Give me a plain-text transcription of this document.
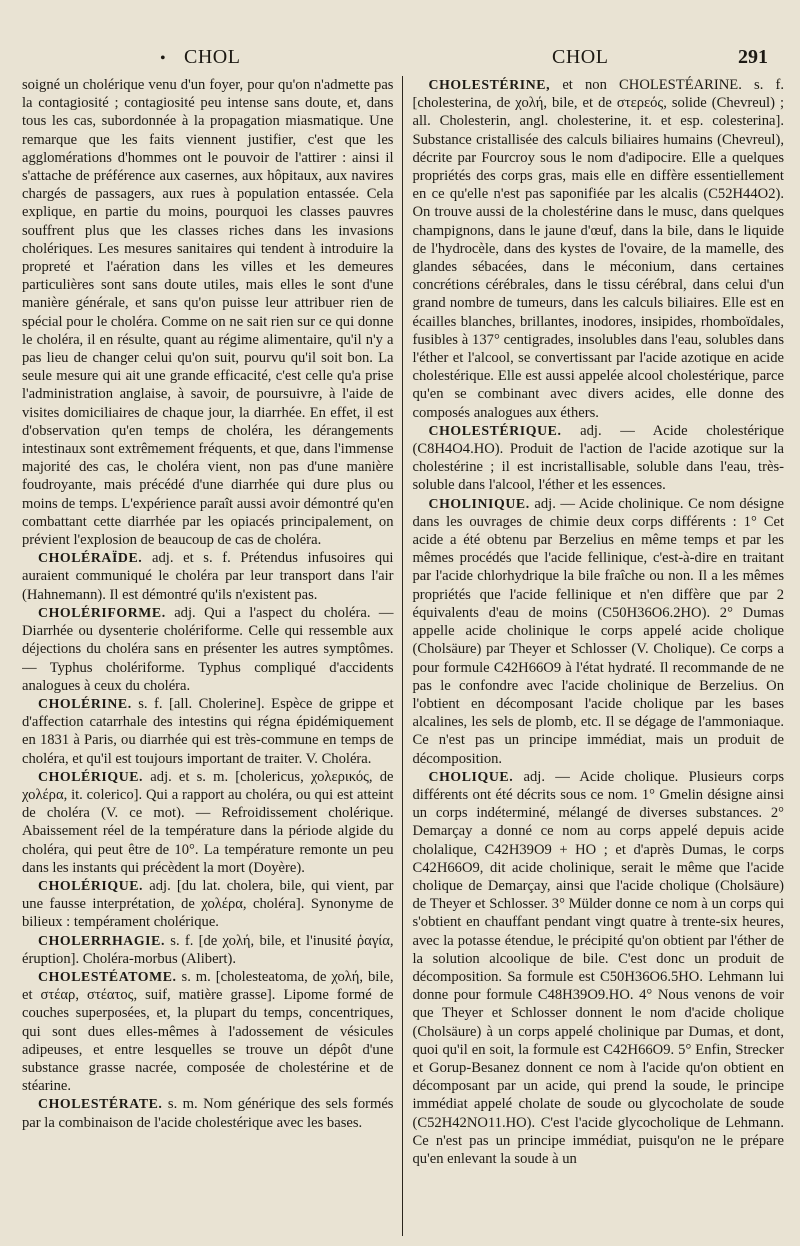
• CHOL	CHOL	291

soigné un cholérique venu d'un foyer, pour qu'on n'admette pas la contagiosité ; contagiosité peu intense sans doute, et, dans tous les cas, subordonnée à la propagation miasmatique. Une remarque que les faits viennent justifier, c'est que les agglomérations d'hommes ont le pouvoir de l'attirer : ainsi il s'attache de préférence aux casernes, aux hôpitaux, aux navires chargés de passagers, aux rues à population entassée. Cela explique, en partie du moins, pourquoi les classes pauvres souffrent plus que les classes riches dans les invasions cholériques. Les mesures sanitaires qui tendent à introduire la propreté et l'aération dans les villes et les demeures particulières sont sans doute utiles, mais elles le sont d'une manière générale, et sans qu'on puisse leur attribuer rien de spécial pour le choléra. Comme on ne sait rien sur ce qui donne le choléra, il en résulte, quant au régime alimentaire, qu'il n'y a pas lieu de changer celui qu'on suit, pourvu qu'il soit bon. La seule mesure qui ait une grande efficacité, c'est celle qu'a prise l'administration anglaise, à savoir, de poursuivre, à l'aide de visites domiciliaires de chaque jour, la diarrhée. En effet, il est d'observation qu'en temps de choléra, les dérangements intestinaux sont extrêmement fréquents, et que, dans l'immense majorité des cas, le choléra vient, non pas d'une manière foudroyante, mais précédé d'une diarrhée qui dure plus ou moins de temps. L'expérience paraît aussi avoir démontré qu'en combattant cette diarrhée par les opiacés principalement, on prévient l'explosion de beaucoup de cas de choléra.

CHOLÉRAÏDE. adj. et s. f. Prétendus infusoires qui auraient communiqué le choléra par leur transport dans l'air (Hahnemann). Il est démontré qu'ils n'existent pas.

CHOLÉRIFORME. adj. Qui a l'aspect du choléra. — Diarrhée ou dysenterie cholériforme. Celle qui ressemble aux déjections du choléra sans en présenter les autres symptômes. — Typhus cholériforme. Typhus compliqué d'accidents analogues à ceux du choléra.

CHOLÉRINE. s. f. [all. Cholerine]. Espèce de grippe et d'affection catarrhale des intestins qui régna épidémiquement en 1831 à Paris, ou diarrhée qui est très-commune en temps de choléra, et qu'il est toujours important de traiter. V. Choléra.

CHOLÉRIQUE. adj. et s. m. [cholericus, χολερικός, de χολέρα, it. colerico]. Qui a rapport au choléra, ou qui est atteint de choléra (V. ce mot). — Refroidissement cholérique. Abaissement réel de la température dans la période algide du choléra, qui peut être de 10°. La température remonte un peu dans les instants qui précèdent la mort (Doyère).

CHOLÉRIQUE. adj. [du lat. cholera, bile, qui vient, par une fausse interprétation, de χολέρα, choléra]. Synonyme de bilieux : tempérament cholérique.

CHOLERRHAGIE. s. f. [de χολή, bile, et l'inusité ῥαγία, éruption]. Choléra-morbus (Alibert).

CHOLESTÉATOME. s. m. [cholesteatoma, de χολή, bile, et στέαρ, στέατος, suif, matière grasse]. Lipome formé de couches superposées, et, la plupart du temps, concentriques, qui sont dues elles-mêmes à l'adossement de vésicules adipeuses, et entre lesquelles se trouve un dépôt d'une substance grasse nacrée, composée de cholestérine et de stéarine.

CHOLESTÉRATE. s. m. Nom générique des sels formés par la combinaison de l'acide cholestérique avec les bases.

CHOLESTÉRINE, et non CHOLESTÉARINE. s. f. [cholesterina, de χολή, bile, et de στερεός, solide (Chevreul) ; all. Cholesterin, angl. cholesterine, it. et esp. colesterina]. Substance cristallisée des calculs biliaires humains (Chevreul), décrite par Fourcroy sous le nom d'adipocire. Elle a quelques propriétés des corps gras, mais elle en diffère essentiellement en ce qu'elle n'est pas saponifiée par les alcalis (C52H44O2). On trouve aussi de la cholestérine dans le musc, dans quelques champignons, dans le jaune d'œuf, dans la bile, dans le liquide de l'hydrocèle, dans des kystes de l'ovaire, de la mamelle, des glandes sébacées, dans le méconium, dans certaines concrétions cérébrales, dans le tissu cérébral, dans celui d'un grand nombre de tumeurs, dans les calculs biliaires. Elle est en écailles blanches, brillantes, inodores, insipides, rhomboïdales, fusibles à 137° centigrades, insolubles dans l'eau, solubles dans l'éther et l'alcool, se convertissant par l'acide azotique en acide cholestérique. Elle est aussi appelée alcool cholestérique, parce qu'en se combinant avec divers acides, elle donne des composés analogues aux éthers.

CHOLESTÉRIQUE. adj. — Acide cholestérique (C8H4O4.HO). Produit de l'action de l'acide azotique sur la cholestérine ; il est incristallisable, soluble dans l'eau, très-soluble dans l'alcool, l'éther et les essences.

CHOLINIQUE. adj. — Acide cholinique. Ce nom désigne dans les ouvrages de chimie deux corps différents : 1° Cet acide a été obtenu par Berzelius en même temps et par les mêmes procédés que l'acide fellinique, c'est-à-dire en traitant par l'acide chlorhydrique la bile fraîche ou non. Il a les mêmes propriétés que l'acide fellinique et n'en diffère que par 2 équivalents d'eau de moins (C50H36O6.2HO). 2° Dumas appelle acide cholinique le corps appelé acide cholique (Cholsäure) par Theyer et Schlosser (V. Cholique). Ce corps a pour formule C42H66O9 à l'état hydraté. Il recommande de ne pas le confondre avec l'acide cholinique de Berzelius. On l'obtient en décomposant l'acide cholique par les bases alcalines, les sels de plomb, etc. Il se dégage de l'ammoniaque. Ce n'est pas un principe immédiat, mais un produit de décomposition.

CHOLIQUE. adj. — Acide cholique. Plusieurs corps différents ont été décrits sous ce nom. 1° Gmelin désigne ainsi un corps indéterminé, mélangé de diverses substances. 2° Demarçay a donné ce nom au corps appelé depuis acide cholalique, C42H39O9 + HO ; et d'après Dumas, le corps C42H66O9, dit acide cholinique, serait le même que l'acide cholique de Demarçay, ainsi que l'acide cholique (Cholsäure) de Theyer et Schlosser. 3° Mülder donne ce nom à un corps qui s'obtient en chauffant pendant vingt quatre à trente-six heures, avec la potasse étendue, le précipité qu'on obtient par l'éther de la solution alcoolique de bile. C'est donc un produit de décomposition. Sa formule est C50H36O6.5HO. Lehmann lui donne pour formule C48H39O9.HO. 4° Nous venons de voir que Theyer et Schlosser donnent le nom d'acide cholique (Cholsäure) à un corps appelé cholinique par Dumas, et dont, quoi qu'il en soit, la formule est C42H66O9. 5° Enfin, Strecker et Gorup-Besanez donnent ce nom à l'acide qu'on obtient en décomposant par un acide, qui prend la soude, le principe immédiat appelé cholate de soude ou glycocholate de soude (C52H42NO11.HO). C'est l'acide glycocholique de Lehmann. Ce n'est pas un principe immédiat, puisqu'on ne le prépare qu'en enlevant la soude à un
